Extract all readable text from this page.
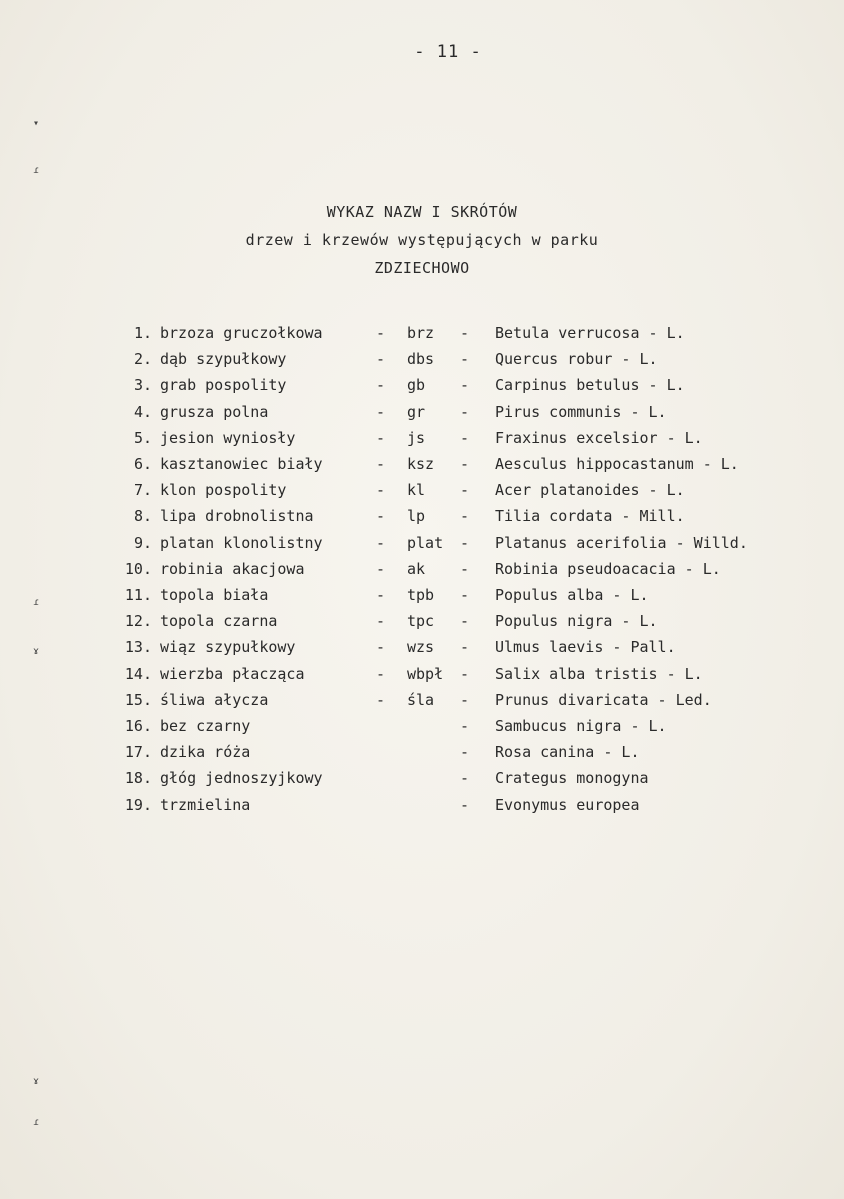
▾
ɾ
ɾ
ɤ
ɤ
ɾ
- 11 -
WYKAZ NAZW I SKRÓTÓW
drzew i krzewów występujących w parku
ZDZIECHOWO
1. brzoza gruczołkowa	- brz - Betula verrucosa - L.
2. dąb szypułkowy	- dbs - Quercus robur - L.
3. grab pospolity	- gb - Carpinus betulus - L.
4. grusza polna	- gr - Pirus communis - L.
5. jesion wyniosły	- js - Fraxinus excelsior - L.
6. kasztanowiec biały	- ksz - Aesculus hippocastanum - L.
7. klon pospolity	- kl - Acer platanoides - L.
8. lipa drobnolistna	- lp - Tilia cordata - Mill.
9. platan klonolistny	- plat - Platanus acerifolia - Willd.
10. robinia akacjowa	- ak - Robinia pseudoacacia - L.
11. topola biała	- tpb - Populus alba - L.
12. topola czarna	- tpc - Populus nigra - L.
13. wiąz szypułkowy	- wzs - Ulmus laevis - Pall.
14. wierzba płacząca	- wbpł - Salix alba tristis - L.
15. śliwa ałycza	- śla - Prunus divaricata - Led.
16. bez czarny	- Sambucus nigra - L.
17. dzika róża	- Rosa canina - L.
18. głóg jednoszyjkowy	- Crategus monogyna
19. trzmielina	- Evonymus europea
